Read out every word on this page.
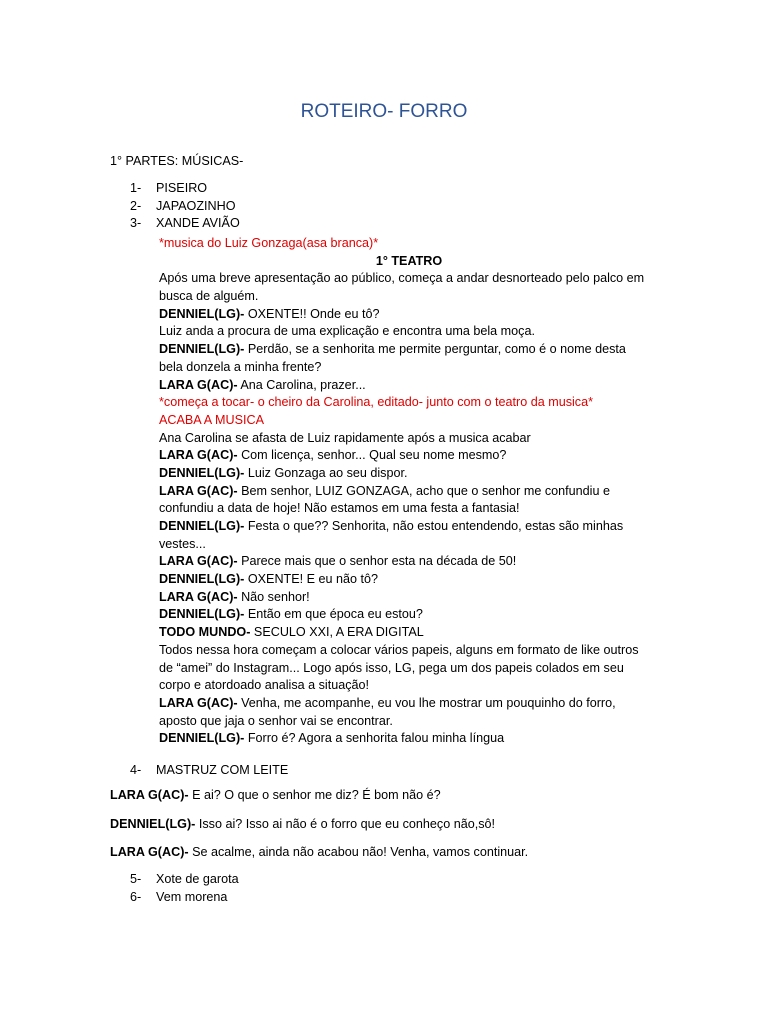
ROTEIRO- FORRO
1° PARTES: MÚSICAS-
1-	PISEIRO
2-	JAPAOZINHO
3-	XANDE AVIÃO
*musica do Luiz Gonzaga(asa branca)*
1° TEATRO
Após uma breve apresentação ao público, começa a andar desnorteado pelo palco em
busca de alguém.
DENNIEL(LG)- OXENTE!! Onde eu tô?
Luiz anda a procura de uma explicação e encontra uma bela moça.
DENNIEL(LG)- Perdão, se a senhorita me permite perguntar, como é o nome desta
bela donzela a minha frente?
LARA G(AC)- Ana Carolina, prazer...
*começa a tocar- o cheiro da Carolina, editado- junto com o teatro da musica*
ACABA A MUSICA
Ana Carolina se afasta de Luiz rapidamente após a musica acabar
LARA G(AC)- Com licença, senhor... Qual seu nome mesmo?
DENNIEL(LG)- Luiz Gonzaga ao seu dispor.
LARA G(AC)- Bem senhor, LUIZ GONZAGA, acho que o senhor me confundiu e
confundiu a data de hoje! Não estamos em uma festa a fantasia!
DENNIEL(LG)- Festa o que?? Senhorita, não estou entendendo, estas são minhas
vestes...
LARA G(AC)- Parece mais que o senhor esta na década de 50!
DENNIEL(LG)- OXENTE! E eu não tô?
LARA G(AC)- Não senhor!
DENNIEL(LG)- Então em que época eu estou?
TODO MUNDO- SECULO XXI, A ERA DIGITAL
Todos nessa hora começam a colocar vários papeis, alguns em formato de like outros
de “amei” do Instagram... Logo após isso, LG, pega um dos papeis colados em seu
corpo e atordoado analisa a situação!
LARA G(AC)- Venha, me acompanhe, eu vou lhe mostrar um pouquinho do forro,
aposto que jaja o senhor vai se encontrar.
DENNIEL(LG)- Forro é? Agora a senhorita falou minha língua
4-	MASTRUZ COM LEITE
LARA G(AC)- E ai? O que o senhor me diz? É bom não é?
DENNIEL(LG)- Isso ai? Isso ai não é o forro que eu conheço não,sô!
LARA G(AC)- Se acalme, ainda não acabou não! Venha, vamos continuar.
5-	Xote de garota
6-	Vem morena
